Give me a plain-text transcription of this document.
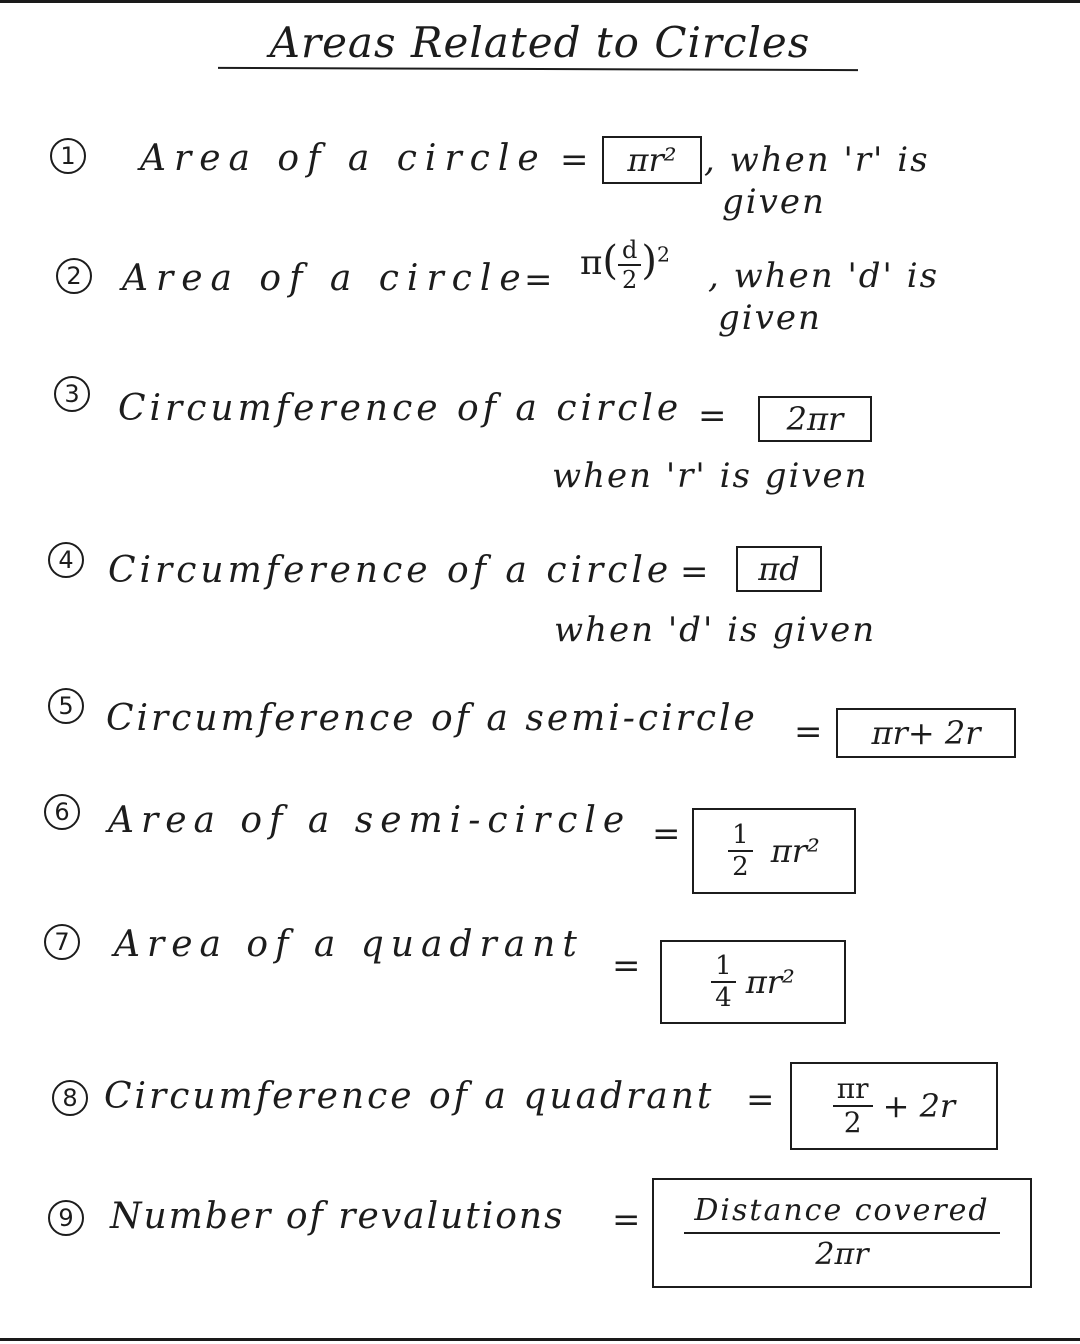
Areas Related to Circles
1 Area of a circle =	πr² , when 'r' is
given
2 Area of a circle
= $\pi( \frac{d}{2} )^2$
, when 'd' is
given
3 Circumference of a circle =	2πr
when 'r' is given
4 Circumference of a circle =	πd
when 'd' is given
5 Circumference of a semi-circle =	πr+ 2r
6 Area of a semi-circle = $\frac{1}{2} \pi r^2$
7 Area of a quadrant
=	$\frac{1}{4} \pi r^2$
8 Circumference of a quadrant = $\frac{\pi r}{2} + 2r$
9 Number of revalutions = $\frac{\text{Distance covered}}{2\pi r}$
